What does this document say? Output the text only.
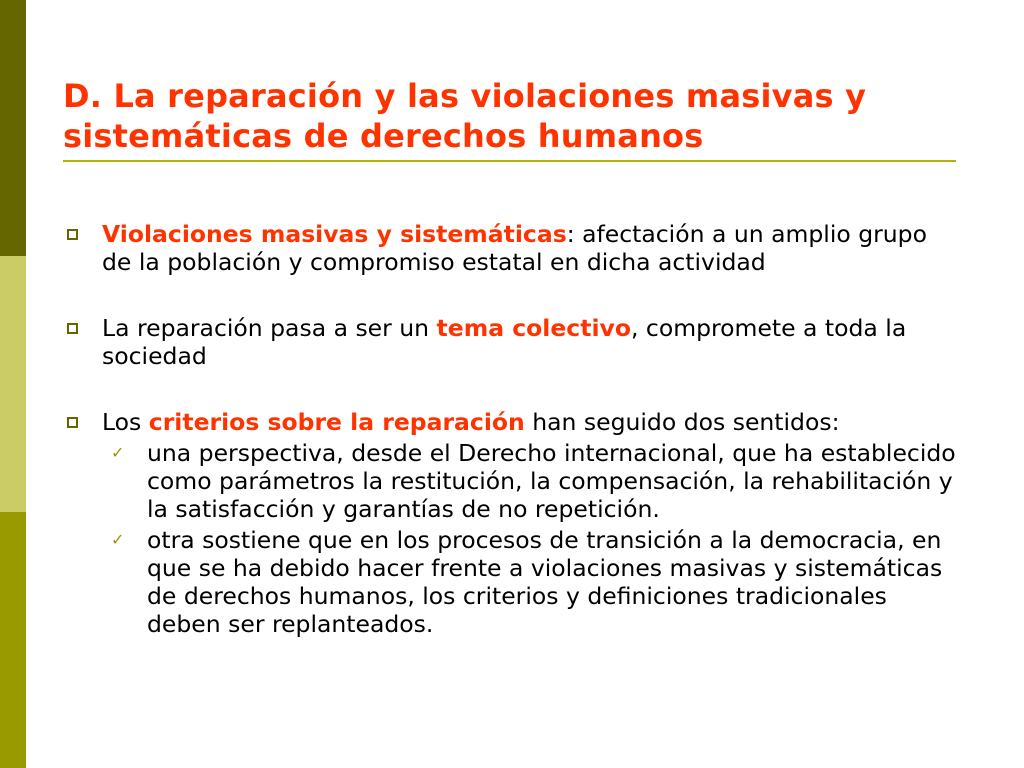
D. La reparación y las violaciones masivas y
sistemáticas de derechos humanos
Violaciones masivas y sistemáticas: afectación a un amplio grupo de la población y compromiso estatal en dicha actividad
La reparación pasa a ser un tema colectivo, compromete a toda la sociedad
Los criterios sobre la reparación han seguido dos sentidos:
✓ una perspectiva, desde el Derecho internacional, que ha establecido como parámetros la restitución, la compensación, la rehabilitación y la satisfacción y garantías de no repetición.
✓ otra sostiene que en los procesos de transición a la democracia, en que se ha debido hacer frente a violaciones masivas y sistemáticas de derechos humanos, los criterios y definiciones tradicionales deben ser replanteados.
